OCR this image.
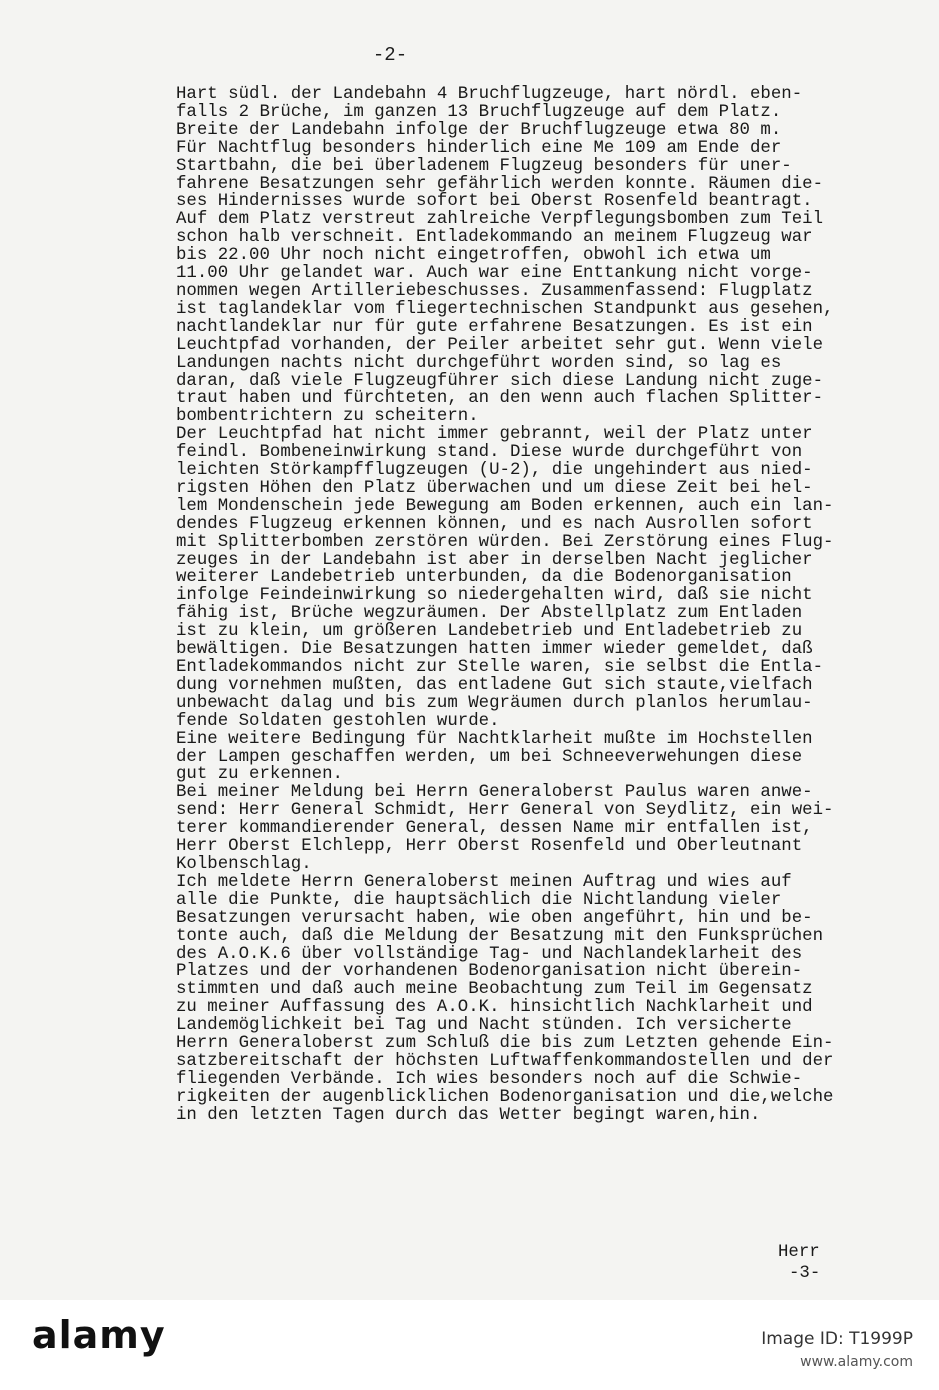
-2-
Hart südl. der Landebahn 4 Bruchflugzeuge, hart nördl. eben-
falls 2 Brüche, im ganzen 13 Bruchflugzeuge auf dem Platz.
Breite der Landebahn infolge der Bruchflugzeuge etwa 80 m.
Für Nachtflug besonders hinderlich eine Me 109 am Ende der
Startbahn, die bei überladenem Flugzeug besonders für uner-
fahrene Besatzungen sehr gefährlich werden konnte. Räumen die-
ses Hindernisses wurde sofort bei Oberst Rosenfeld beantragt.
Auf dem Platz verstreut zahlreiche Verpflegungsbomben zum Teil
schon halb verschneit. Entladekommando an meinem Flugzeug war
bis 22.00 Uhr noch nicht eingetroffen, obwohl ich etwa um
11.00 Uhr gelandet war. Auch war eine Enttankung nicht vorge-
nommen wegen Artilleriebeschusses. Zusammenfassend: Flugplatz
ist taglandeklar vom fliegertechnischen Standpunkt aus gesehen,
nachtlandeklar nur für gute erfahrene Besatzungen. Es ist ein
Leuchtpfad vorhanden, der Peiler arbeitet sehr gut. Wenn viele
Landungen nachts nicht durchgeführt worden sind, so lag es
daran, daß viele Flugzeugführer sich diese Landung nicht zuge-
traut haben und fürchteten, an den wenn auch flachen Splitter-
bombentrichtern zu scheitern.
Der Leuchtpfad hat nicht immer gebrannt, weil der Platz unter
feindl. Bombeneinwirkung stand. Diese wurde durchgeführt von
leichten Störkampfflugzeugen (U-2), die ungehindert aus nied-
rigsten Höhen den Platz überwachen und um diese Zeit bei hel-
lem Mondenschein jede Bewegung am Boden erkennen, auch ein lan-
dendes Flugzeug erkennen können, und es nach Ausrollen sofort
mit Splitterbomben zerstören würden. Bei Zerstörung eines Flug-
zeuges in der Landebahn ist aber in derselben Nacht jeglicher
weiterer Landebetrieb unterbunden, da die Bodenorganisation
infolge Feindeinwirkung so niedergehalten wird, daß sie nicht
fähig ist, Brüche wegzuräumen. Der Abstellplatz zum Entladen
ist zu klein, um größeren Landebetrieb und Entladebetrieb zu
bewältigen. Die Besatzungen hatten immer wieder gemeldet, daß
Entladekommandos nicht zur Stelle waren, sie selbst die Entla-
dung vornehmen mußten, das entladene Gut sich staute,vielfach
unbewacht dalag und bis zum Wegräumen durch planlos herumlau-
fende Soldaten gestohlen wurde.
Eine weitere Bedingung für Nachtklarheit mußte im Hochstellen
der Lampen geschaffen werden, um bei Schneeverwehungen diese
gut zu erkennen.
Bei meiner Meldung bei Herrn Generaloberst Paulus waren anwe-
send: Herr General Schmidt, Herr General von Seydlitz, ein wei-
terer kommandierender General, dessen Name mir entfallen ist,
Herr Oberst Elchlepp, Herr Oberst Rosenfeld und Oberleutnant
Kolbenschlag.
Ich meldete Herrn Generaloberst meinen Auftrag und wies auf
alle die Punkte, die hauptsächlich die Nichtlandung vieler
Besatzungen verursacht haben, wie oben angeführt, hin und be-
tonte auch, daß die Meldung der Besatzung mit den Funksprüchen
des A.O.K.6 über vollständige Tag- und Nachlandeklarheit des
Platzes und der vorhandenen Bodenorganisation nicht überein-
stimmten und daß auch meine Beobachtung zum Teil im Gegensatz
zu meiner Auffassung des A.O.K. hinsichtlich Nachklarheit und
Landemöglichkeit bei Tag und Nacht stünden. Ich versicherte
Herrn Generaloberst zum Schluß die bis zum Letzten gehende Ein-
satzbereitschaft der höchsten Luftwaffenkommandostellen und der
fliegenden Verbände. Ich wies besonders noch auf die Schwie-
rigkeiten der augenblicklichen Bodenorganisation und die,welche
in den letzten Tagen durch das Wetter begingt waren,hin.
Herr
-3-
alamy	Image ID: T1999P
www.alamy.com
